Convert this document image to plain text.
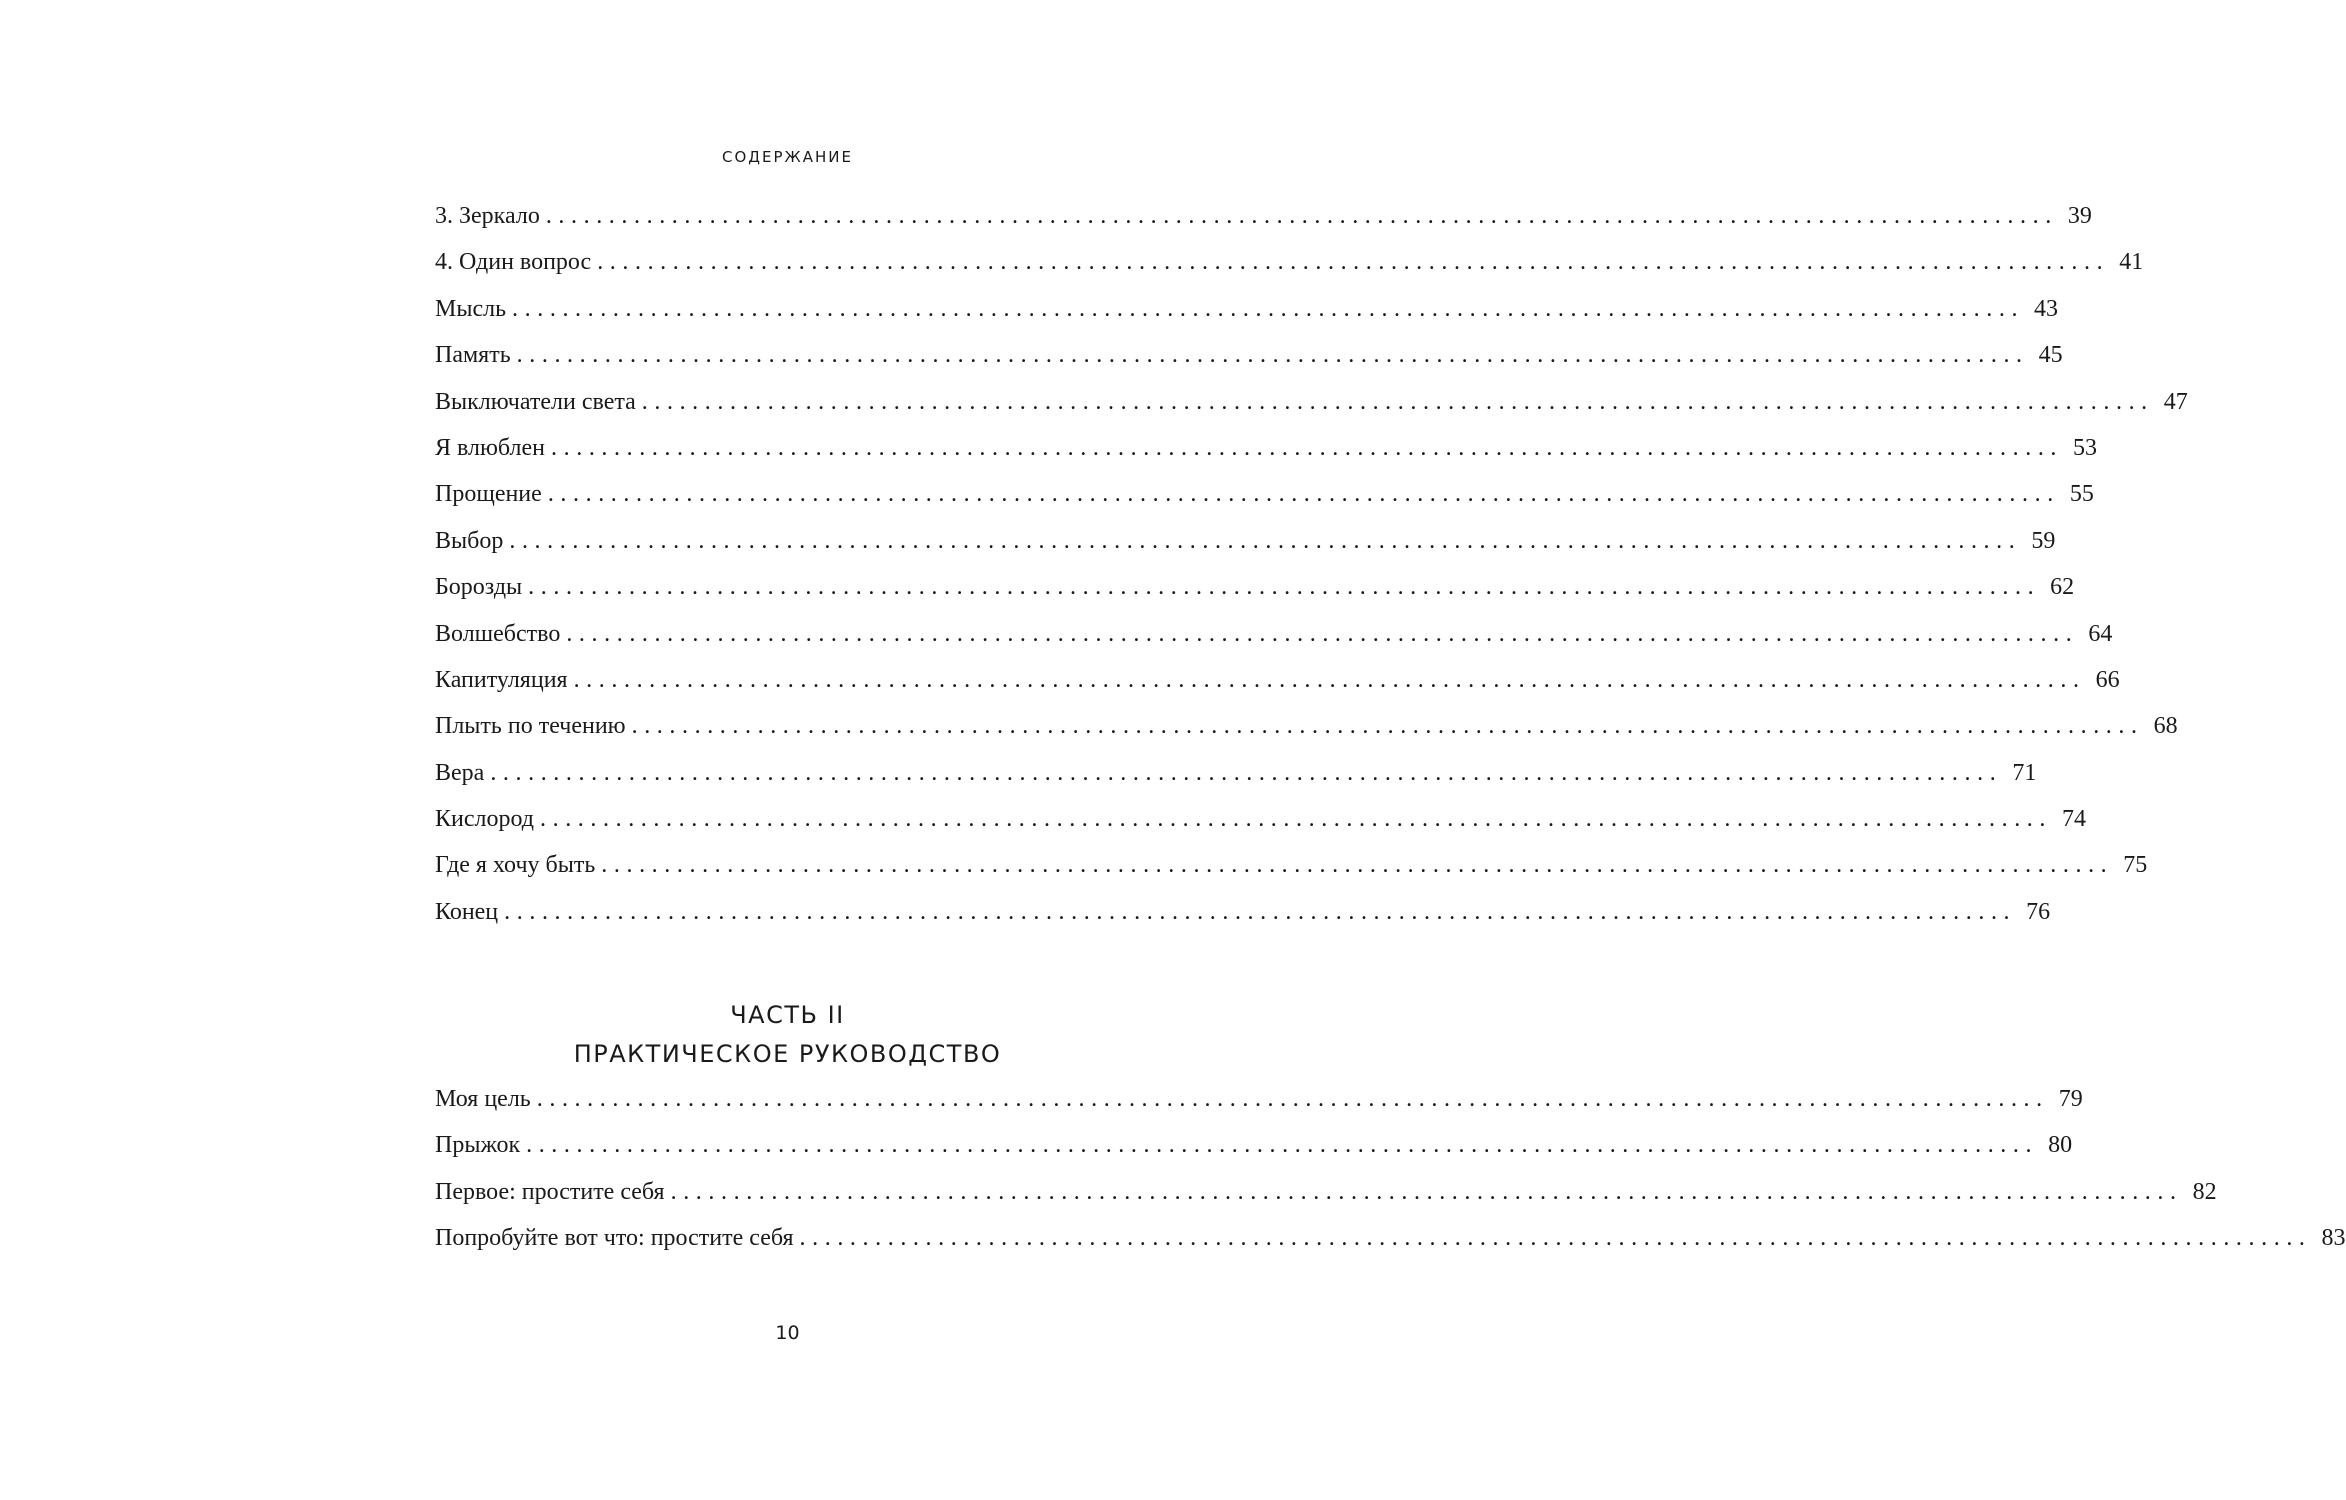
СОДЕРЖАНИЕ
3. Зеркало ........................................................................................................................ 39
4. Один вопрос ........................................................................................................................ 41
Мысль ........................................................................................................................ 43
Память ........................................................................................................................ 45
Выключатели света ........................................................................................................................ 47
Я влюблен ........................................................................................................................ 53
Прощение ........................................................................................................................ 55
Выбор ........................................................................................................................ 59
Борозды ........................................................................................................................ 62
Волшебство ........................................................................................................................ 64
Капитуляция ........................................................................................................................ 66
Плыть по течению ........................................................................................................................ 68
Вера ........................................................................................................................ 71
Кислород ........................................................................................................................ 74
Где я хочу быть ........................................................................................................................ 75
Конец ........................................................................................................................ 76
ЧАСТЬ II
ПРАКТИЧЕСКОЕ РУКОВОДСТВО
Моя цель ........................................................................................................................ 79
Прыжок ........................................................................................................................ 80
Первое: простите себя ........................................................................................................................ 82
Попробуйте вот что: простите себя ........................................................................................................................ 83
10
